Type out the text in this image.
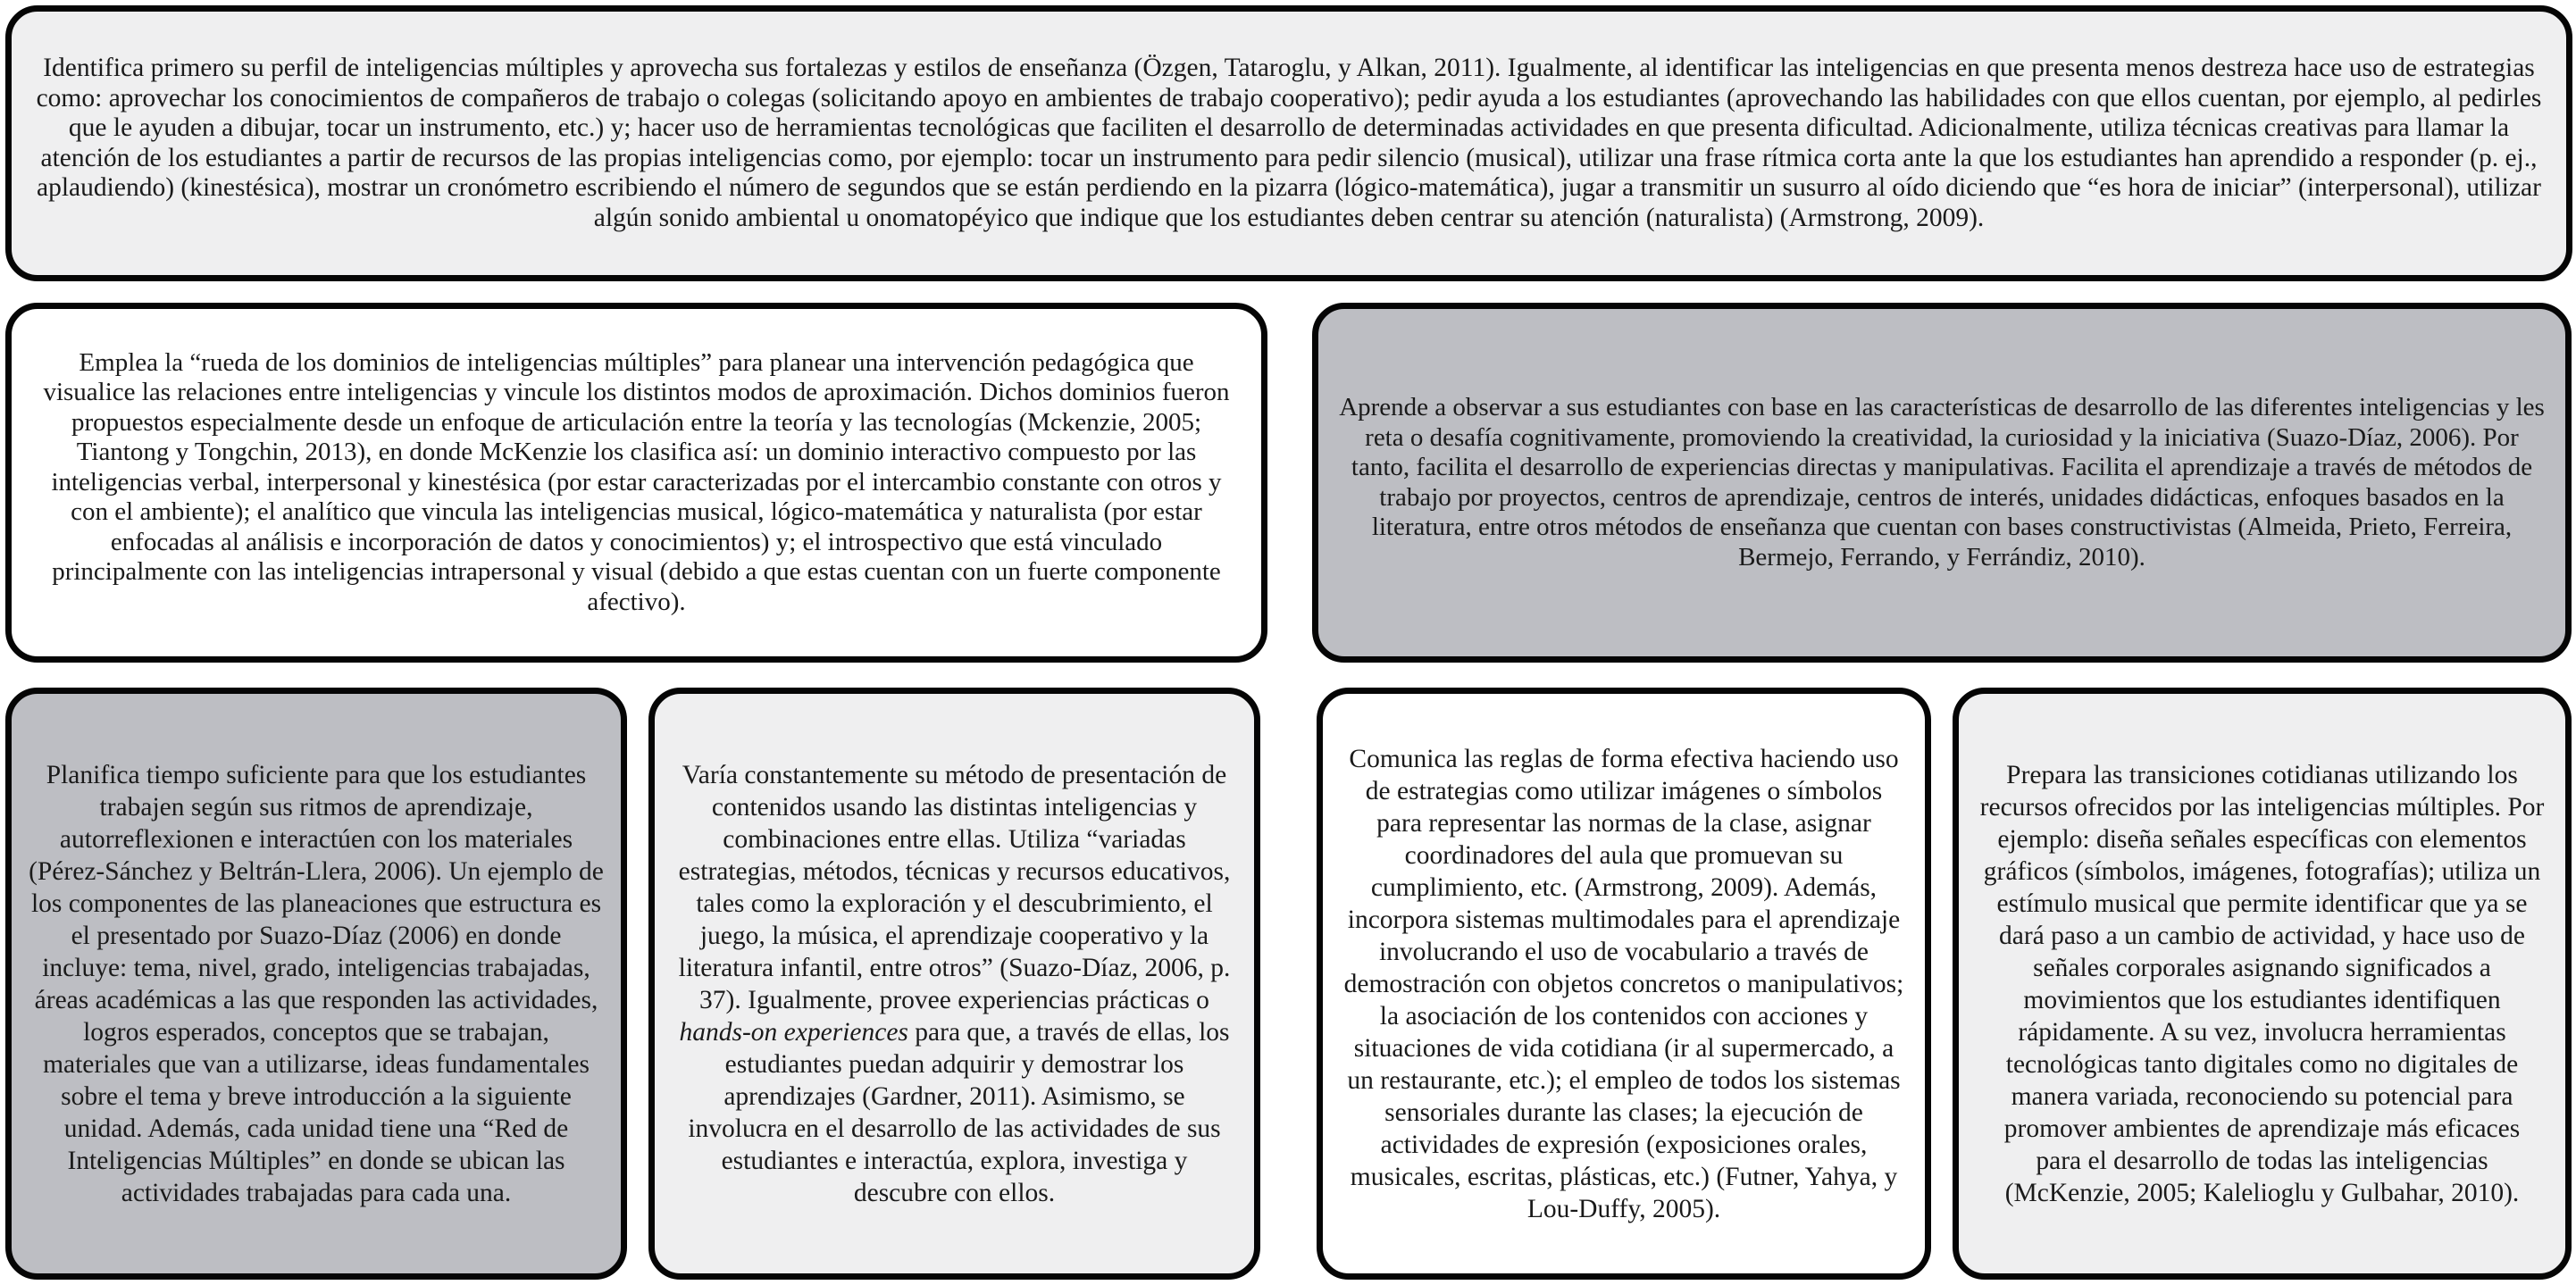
Identifica primero su perfil de inteligencias múltiples y aprovecha sus fortalezas y estilos de enseñanza (Özgen, Tataroglu, y Alkan, 2011). Igualmente, al identificar las inteligencias en que presenta menos destreza hace uso de estrategias como: aprovechar los conocimientos de compañeros de trabajo o colegas (solicitando apoyo en ambientes de trabajo cooperativo); pedir ayuda a los estudiantes (aprovechando las habilidades con que ellos cuentan, por ejemplo, al pedirles que le ayuden a dibujar, tocar un instrumento, etc.) y; hacer uso de herramientas tecnológicas que faciliten el desarrollo de determinadas actividades en que presenta dificultad. Adicionalmente, utiliza técnicas creativas para llamar la atención de los estudiantes a partir de recursos de las propias inteligencias como, por ejemplo: tocar un instrumento para pedir silencio (musical), utilizar una frase rítmica corta ante la que los estudiantes han aprendido a responder (p. ej., aplaudiendo) (kinestésica), mostrar un cronómetro escribiendo el número de segundos que se están perdiendo en la pizarra (lógico-matemática), jugar a transmitir un susurro al oído diciendo que “es hora de iniciar” (interpersonal), utilizar algún sonido ambiental u onomatopéyico que indique que los estudiantes deben centrar su atención (naturalista) (Armstrong, 2009).

Emplea la “rueda de los dominios de inteligencias múltiples” para planear una intervención pedagógica que visualice las relaciones entre inteligencias y vincule los distintos modos de aproximación. Dichos dominios fueron propuestos especialmente desde un enfoque de articulación entre la teoría y las tecnologías (Mckenzie, 2005; Tiantong y Tongchin, 2013), en donde McKenzie los clasifica así: un dominio interactivo compuesto por las inteligencias verbal, interpersonal y kinestésica (por estar caracterizadas por el intercambio constante con otros y con el ambiente); el analítico que vincula las inteligencias musical, lógico-matemática y naturalista (por estar enfocadas al análisis e incorporación de datos y conocimientos) y; el introspectivo que está vinculado principalmente con las inteligencias intrapersonal y visual (debido a que estas cuentan con un fuerte componente afectivo).

Aprende a observar a sus estudiantes con base en las características de desarrollo de las diferentes inteligencias y les reta o desafía cognitivamente, promoviendo la creatividad, la curiosidad y la iniciativa (Suazo-Díaz, 2006). Por tanto, facilita el desarrollo de experiencias directas y manipulativas. Facilita el aprendizaje a través de métodos de trabajo por proyectos, centros de aprendizaje, centros de interés, unidades didácticas, enfoques basados en la literatura, entre otros métodos de enseñanza que cuentan con bases constructivistas (Almeida, Prieto, Ferreira, Bermejo, Ferrando, y Ferrándiz, 2010).

Planifica tiempo suficiente para que los estudiantes trabajen según sus ritmos de aprendizaje, autorreflexionen e interactúen con los materiales (Pérez-Sánchez y Beltrán-Llera, 2006). Un ejemplo de los componentes de las planeaciones que estructura es el presentado por Suazo-Díaz (2006) en donde incluye: tema, nivel, grado, inteligencias trabajadas, áreas académicas a las que responden las actividades, logros esperados, conceptos que se trabajan, materiales que van a utilizarse, ideas fundamentales sobre el tema y breve introducción a la siguiente unidad. Además, cada unidad tiene una “Red de Inteligencias Múltiples” en donde se ubican las actividades trabajadas para cada una.

Varía constantemente su método de presentación de contenidos usando las distintas inteligencias y combinaciones entre ellas. Utiliza “variadas estrategias, métodos, técnicas y recursos educativos, tales como la exploración y el descubrimiento, el juego, la música, el aprendizaje cooperativo y la literatura infantil, entre otros” (Suazo-Díaz, 2006, p. 37). Igualmente, provee experiencias prácticas o hands-on experiences para que, a través de ellas, los estudiantes puedan adquirir y demostrar los aprendizajes (Gardner, 2011). Asimismo, se involucra en el desarrollo de las actividades de sus estudiantes e interactúa, explora, investiga y descubre con ellos.

Comunica las reglas de forma efectiva haciendo uso de estrategias como utilizar imágenes o símbolos para representar las normas de la clase, asignar coordinadores del aula que promuevan su cumplimiento, etc. (Armstrong, 2009). Además, incorpora sistemas multimodales para el aprendizaje involucrando el uso de vocabulario a través de demostración con objetos concretos o manipulativos; la asociación de los contenidos con acciones y situaciones de vida cotidiana (ir al supermercado, a un restaurante, etc.); el empleo de todos los sistemas sensoriales durante las clases; la ejecución de actividades de expresión (exposiciones orales, musicales, escritas, plásticas, etc.) (Futner, Yahya, y Lou-Duffy, 2005).

Prepara las transiciones cotidianas utilizando los recursos ofrecidos por las inteligencias múltiples. Por ejemplo: diseña señales específicas con elementos gráficos (símbolos, imágenes, fotografías); utiliza un estímulo musical que permite identificar que ya se dará paso a un cambio de actividad, y hace uso de señales corporales asignando significados a movimientos que los estudiantes identifiquen rápidamente. A su vez, involucra herramientas tecnológicas tanto digitales como no digitales de manera variada, reconociendo su potencial para promover ambientes de aprendizaje más eficaces para el desarrollo de todas las inteligencias (McKenzie, 2005; Kalelioglu y Gulbahar, 2010).
